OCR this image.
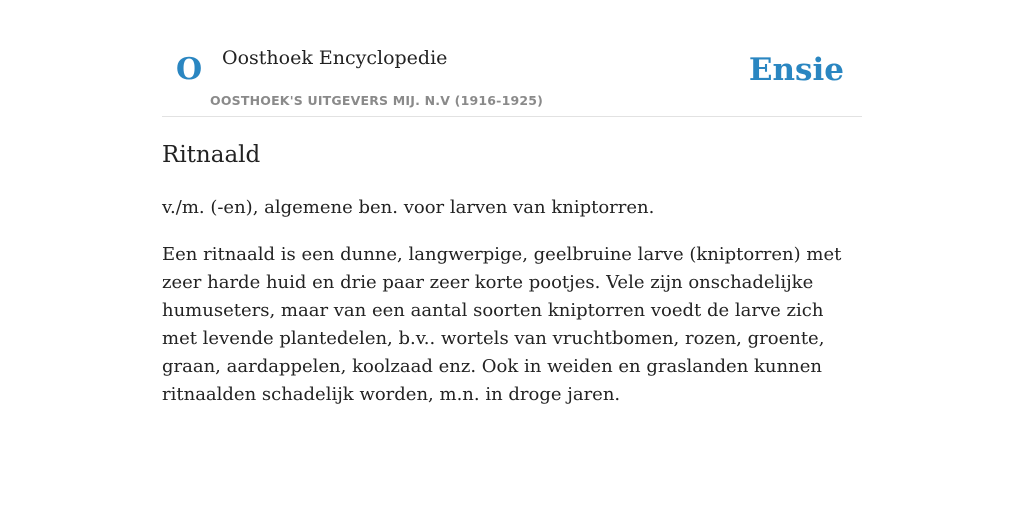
O Oosthoek Encyclopedie
OOSTHOEK'S UITGEVERS MIJ. N.V (1916-1925)
Ensie
Ritnaald

v./m. (-en), algemene ben. voor larven van kniptorren.

Een ritnaald is een dunne, langwerpige, geelbruine larve (kniptorren) met zeer harde huid en drie paar zeer korte pootjes. Vele zijn onschadelijke humuseters, maar van een aantal soorten kniptorren voedt de larve zich met levende plantedelen, b.v.. wortels van vruchtbomen, rozen, groente, graan, aardappelen, koolzaad enz. Ook in weiden en graslanden kunnen ritnaalden schadelijk worden, m.n. in droge jaren.
